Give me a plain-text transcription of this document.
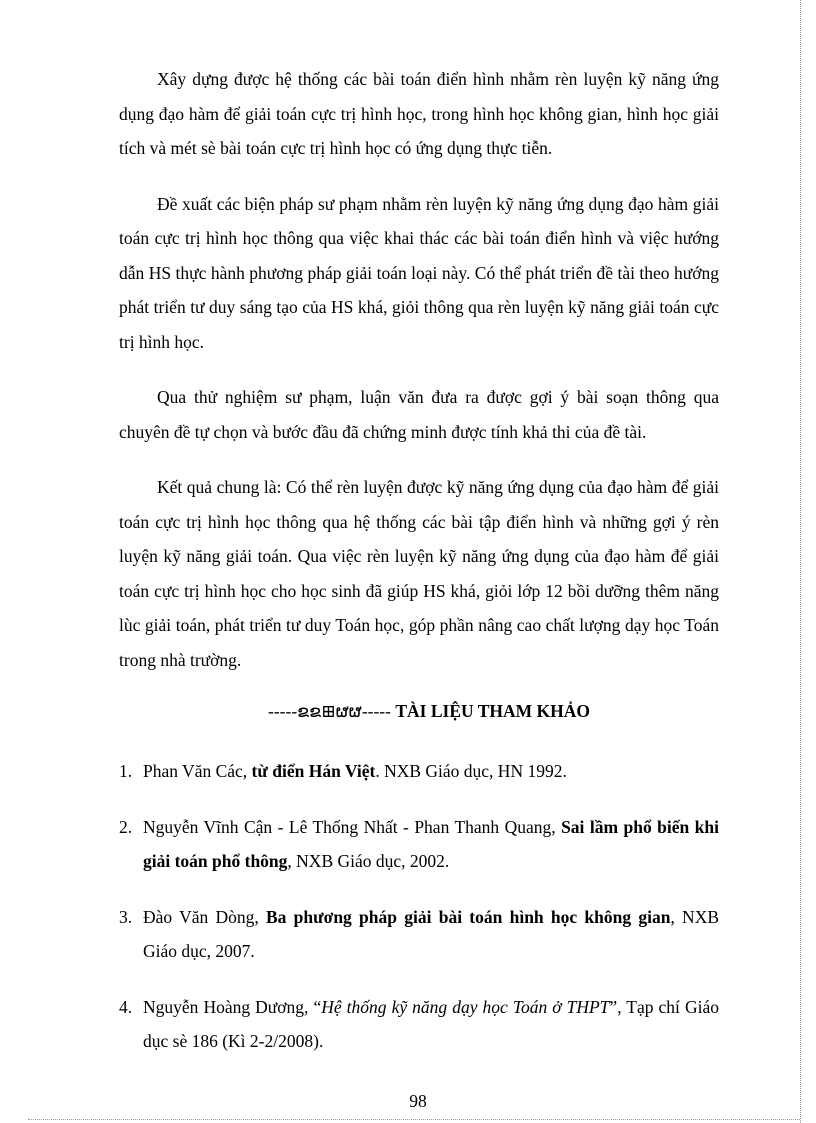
Xây dựng được hệ thống các bài toán điển hình nhằm rèn luyện kỹ năng ứng dụng đạo hàm để giải toán cực trị hình học, trong hình học không gian, hình học giải tích và mét sè bài toán cực trị hình học có ứng dụng thực tiễn.

Đề xuất các biện pháp sư phạm nhằm rèn luyện kỹ năng ứng dụng đạo hàm giải toán cực trị hình học thông qua việc khai thác các bài toán điển hình và việc hướng dẫn HS thực hành phương pháp giải toán loại này. Có thể phát triển đề tài theo hướng phát triển tư duy sáng tạo của HS khá, giỏi thông qua rèn luyện kỹ năng giải toán cực trị hình học.

Qua thử nghiệm sư phạm, luận văn đưa ra được gợi ý bài soạn thông qua chuyên đề tự chọn và bước đầu đã chứng minh được tính khả thi của đề tài.

Kết quả chung là: Có thể rèn luyện được kỹ năng ứng dụng của đạo hàm để giải toán cực trị hình học thông qua hệ thống các bài tập điển hình và những gợi ý rèn luyện kỹ năng giải toán. Qua việc rèn luyện kỹ năng ứng dụng của đạo hàm để giải toán cực trị hình học cho học sinh đã giúp HS khá, giỏi lớp 12 bồi dưỡng thêm năng lùc giải toán, phát triển tư duy Toán học, góp phần nâng cao chất lượng dạy học Toán trong nhà trường.

-----ຂຂ⊞ຜຜ----- TÀI LIỆU THAM KHẢO
1. Phan Văn Các, từ điển Hán Việt. NXB Giáo dục, HN 1992.
2. Nguyễn Vĩnh Cận - Lê Thống Nhất - Phan Thanh Quang, Sai lầm phổ biến khi giải toán phổ thông, NXB Giáo dục, 2002.
3. Đào Văn Dòng, Ba phương pháp giải bài toán hình học không gian, NXB Giáo dục, 2007.
4. Nguyễn Hoàng Dương, “Hệ thống kỹ năng dạy học Toán ở THPT”, Tạp chí Giáo dục sè 186 (Kì 2-2/2008).
98
